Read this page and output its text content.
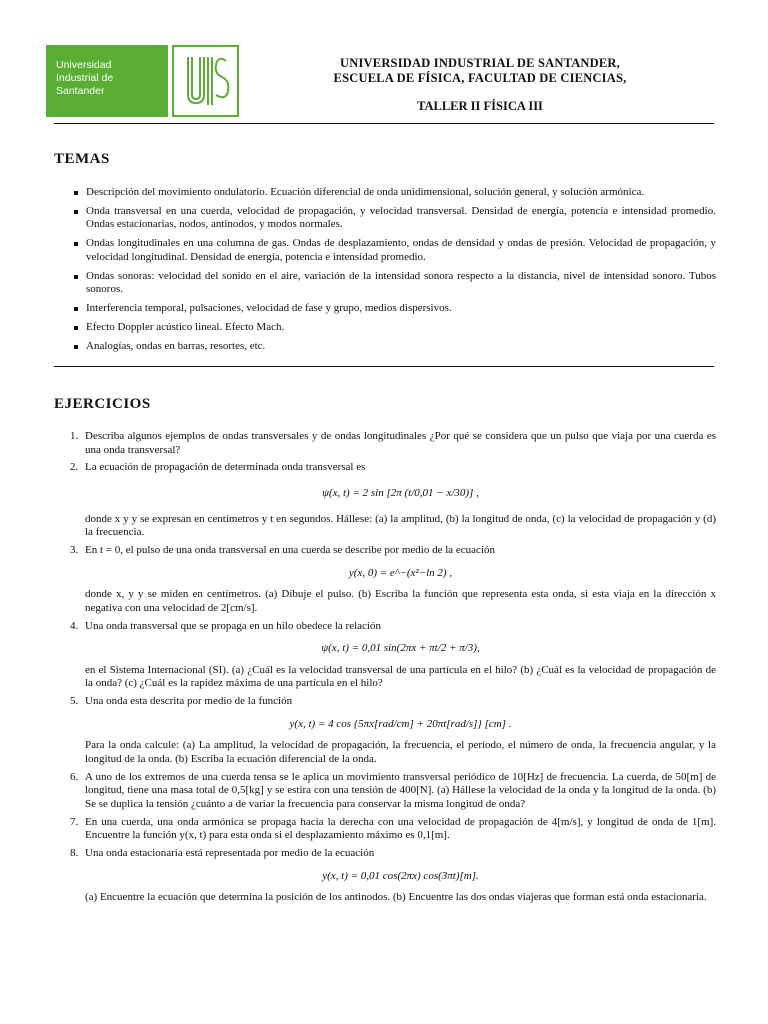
Universidad
Industrial de
Santander
UNIVERSIDAD INDUSTRIAL DE SANTANDER,
ESCUELA DE FÍSICA, FACULTAD DE CIENCIAS,
TALLER II FÍSICA III
TEMAS
Descripción del movimiento ondulatorio. Ecuación diferencial de onda unidimensional, solución general, y solución armónica.
Onda transversal en una cuerda, velocidad de propagación, y velocidad transversal. Densidad de energía, potencia e intensidad promedio. Ondas estacionarias, nodos, antinodos, y modos normales.
Ondas longitudinales en una columna de gas. Ondas de desplazamiento, ondas de densidad y ondas de presión. Velocidad de propagación, y velocidad longitudinal. Densidad de energía, potencia e intensidad promedio.
Ondas sonoras: velocidad del sonido en el aire, variación de la intensidad sonora respecto a la distancia, nivel de intensidad sonoro. Tubos sonoros.
Interferencia temporal, pulsaciones, velocidad de fase y grupo, medios dispersivos.
Efecto Doppler acústico lineal. Efecto Mach.
Analogías, ondas en barras, resortes, etc.
EJERCICIOS
1. Describa algunos ejemplos de ondas transversales y de ondas longitudinales ¿Por qué se considera que un pulso que viaja por una cuerda es una onda transversal?
2. La ecuación de propagación de determinada onda transversal es
ψ(x, t) = 2 sin [2π (t/0,01 − x/30)] ,
donde x y y se expresan en centímetros y t en segundos. Hállese: (a) la amplitud, (b) la longitud de onda, (c) la velocidad de propagación y (d) la frecuencia.
3. En t = 0, el pulso de una onda transversal en una cuerda se describe por medio de la ecuación
y(x, 0) = e^−(x²−ln 2) ,
donde x, y y se miden en centímetros. (a) Dibuje el pulso. (b) Escriba la función que representa esta onda, si esta viaja en la dirección x negativa con una velocidad de 2[cm/s].
4. Una onda transversal que se propaga en un hilo obedece la relación
ψ(x, t) = 0,01 sin(2πx + πt/2 + π/3),
en el Sistema Internacional (SI). (a) ¿Cuál es la velocidad transversal de una partícula en el hilo? (b) ¿Cuál es la velocidad de propagación de la onda? (c) ¿Cuál es la rapidez máxima de una partícula en el hilo?
5. Una onda esta descrita por medio de la función
y(x, t) = 4 cos {5πx[rad/cm] + 20πt[rad/s]} [cm] .
Para la onda calcule: (a) La amplitud, la velocidad de propagación, la frecuencia, el período, el número de onda, la frecuencia angular, y la longitud de la onda. (b) Escriba la ecuación diferencial de la onda.
6. A uno de los extremos de una cuerda tensa se le aplica un movimiento transversal periódico de 10[Hz] de frecuencia. La cuerda, de 50[m] de longitud, tiene una masa total de 0,5[kg] y se estira con una tensión de 400[N]. (a) Hállese la velocidad de la onda y la longitud de la onda. (b) Se se duplica la tensión ¿cuánto a de variar la frecuencia para conservar la misma longitud de onda?
7. En una cuerda, una onda armónica se propaga hacia la derecha con una velocidad de propagación de 4[m/s], y longitud de onda de 1[m]. Encuentre la función y(x, t) para esta onda si el desplazamiento máximo es 0,1[m].
8. Una onda estacionaria está representada por medio de la ecuación
y(x, t) = 0,01 cos(2πx) cos(3πt)[m].
(a) Encuentre la ecuación que determina la posición de los antinodos. (b) Encuentre las dos ondas viajeras que forman está onda estacionaria.
